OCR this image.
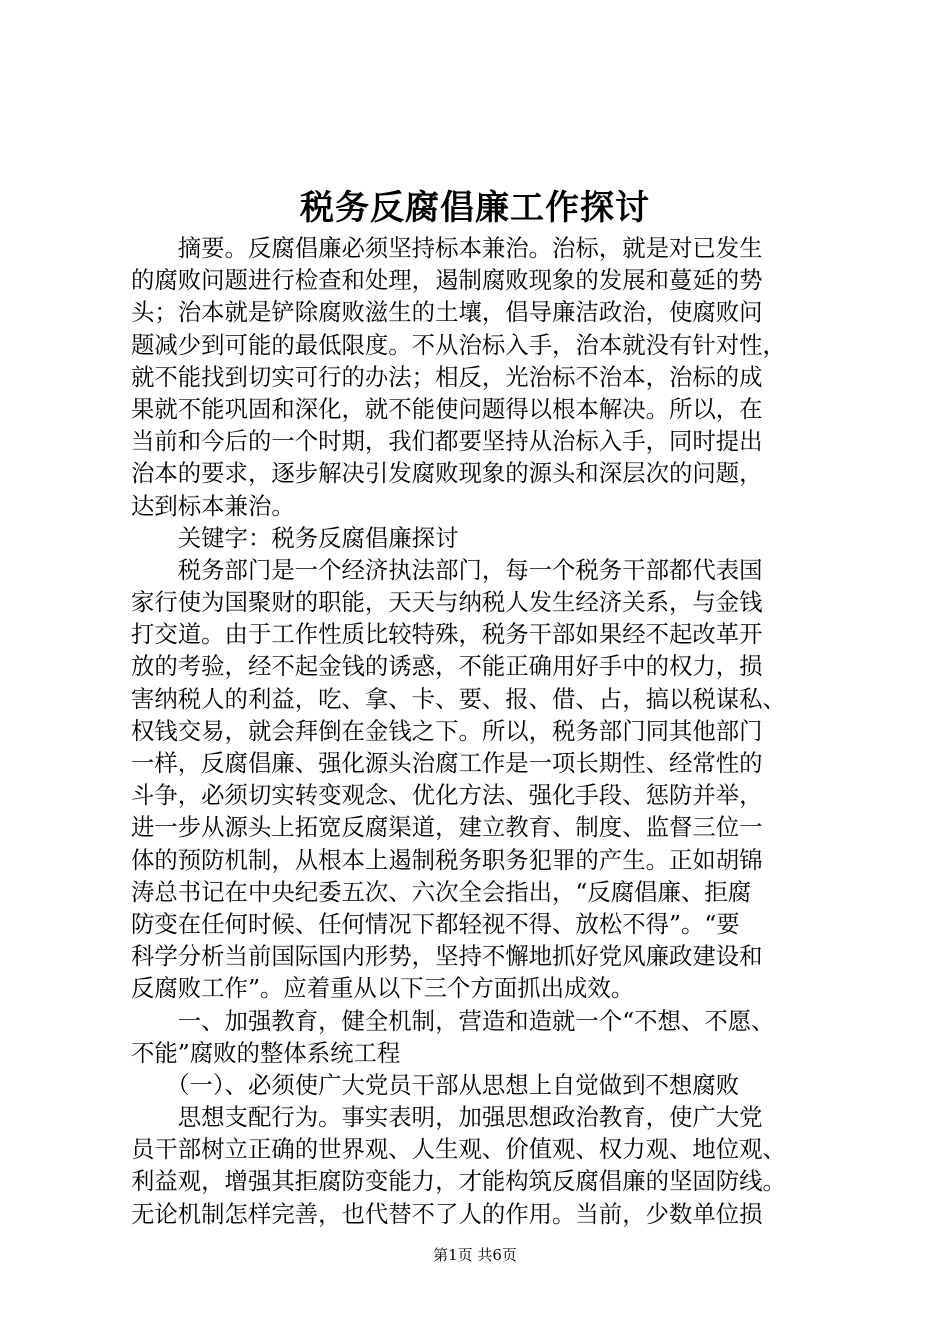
税务反腐倡廉工作探讨
　　摘要。反腐倡廉必须坚持标本兼治。治标，就是对已发生
的腐败问题进行检查和处理，遏制腐败现象的发展和蔓延的势
头；治本就是铲除腐败滋生的土壤，倡导廉洁政治，使腐败问
题减少到可能的最低限度。不从治标入手，治本就没有针对性，
就不能找到切实可行的办法；相反，光治标不治本，治标的成
果就不能巩固和深化，就不能使问题得以根本解决。所以，在
当前和今后的一个时期，我们都要坚持从治标入手，同时提出
治本的要求，逐步解决引发腐败现象的源头和深层次的问题，
达到标本兼治。
　　关键字：税务反腐倡廉探讨
　　税务部门是一个经济执法部门，每一个税务干部都代表国
家行使为国聚财的职能，天天与纳税人发生经济关系，与金钱
打交道。由于工作性质比较特殊，税务干部如果经不起改革开
放的考验，经不起金钱的诱惑，不能正确用好手中的权力，损
害纳税人的利益，吃、拿、卡、要、报、借、占，搞以税谋私、
权钱交易，就会拜倒在金钱之下。所以，税务部门同其他部门
一样，反腐倡廉、强化源头治腐工作是一项长期性、经常性的
斗争，必须切实转变观念、优化方法、强化手段、惩防并举，
进一步从源头上拓宽反腐渠道，建立教育、制度、监督三位一
体的预防机制，从根本上遏制税务职务犯罪的产生。正如胡锦
涛总书记在中央纪委五次、六次全会指出，“反腐倡廉、拒腐
防变在任何时候、任何情况下都轻视不得、放松不得”。“要
科学分析当前国际国内形势，坚持不懈地抓好党风廉政建设和
反腐败工作”。应着重从以下三个方面抓出成效。
　　一、加强教育，健全机制，营造和造就一个“不想、不愿、
不能”腐败的整体系统工程
　　（一）、必须使广大党员干部从思想上自觉做到不想腐败
　　思想支配行为。事实表明，加强思想政治教育，使广大党
员干部树立正确的世界观、人生观、价值观、权力观、地位观、
利益观，增强其拒腐防变能力，才能构筑反腐倡廉的坚固防线。
无论机制怎样完善，也代替不了人的作用。当前，少数单位损
第1页 共6页
